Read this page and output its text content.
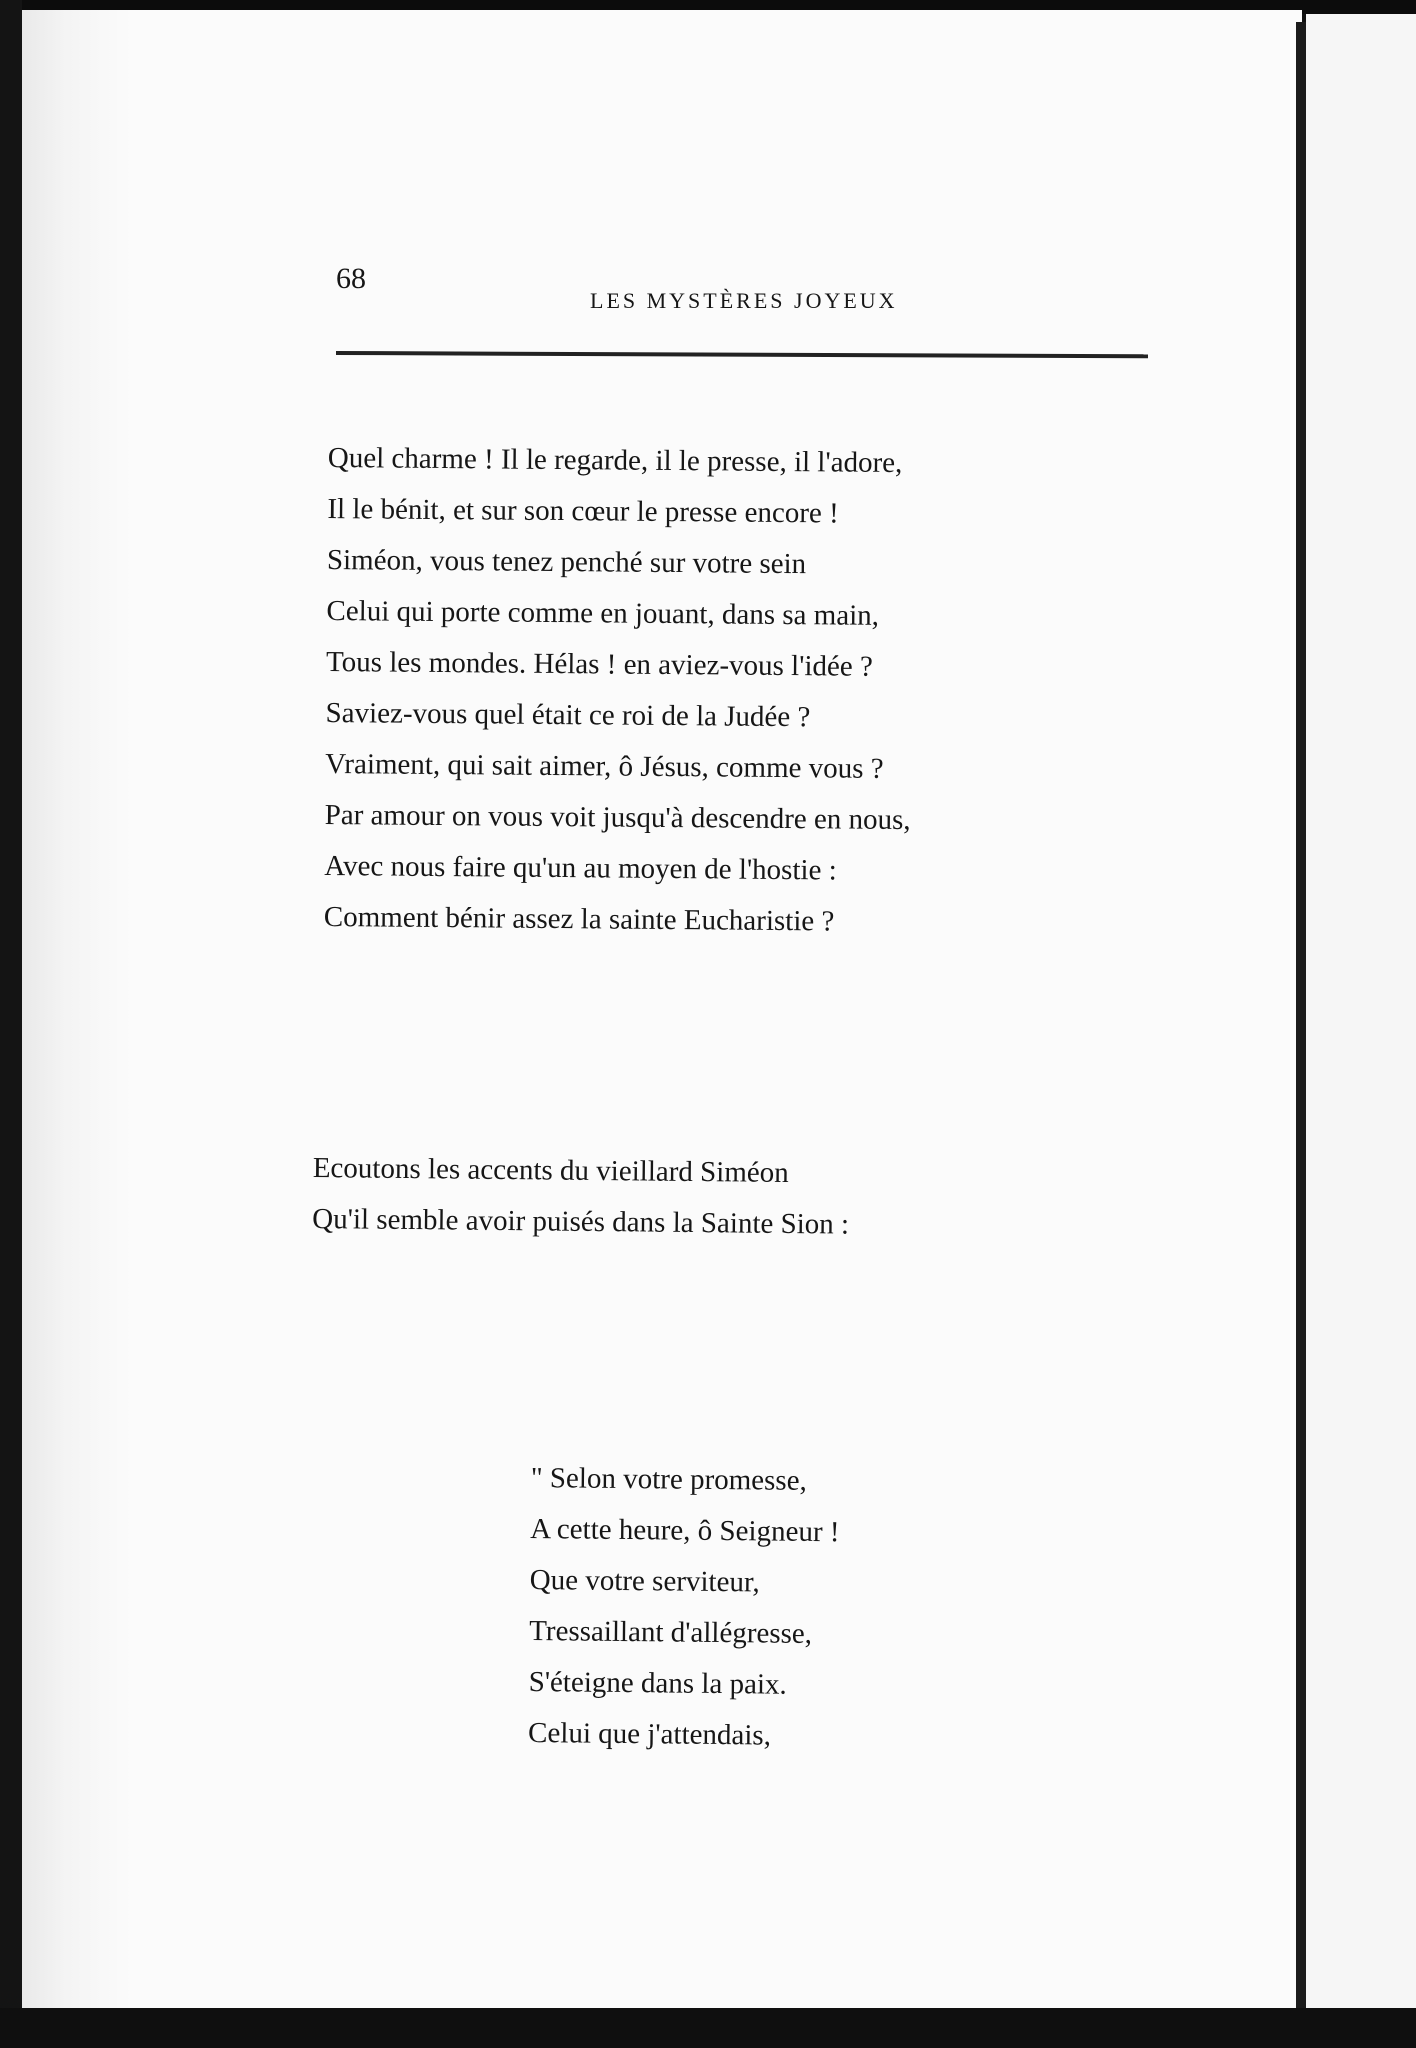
68
LES MYSTÈRES JOYEUX
Quel charme ! Il le regarde, il le presse, il l'adore,
Il le bénit, et sur son cœur le presse encore !
Siméon, vous tenez penché sur votre sein
Celui qui porte comme en jouant, dans sa main,
Tous les mondes. Hélas ! en aviez-vous l'idée ?
Saviez-vous quel était ce roi de la Judée ?
Vraiment, qui sait aimer, ô Jésus, comme vous ?
Par amour on vous voit jusqu'à descendre en nous,
Avec nous faire qu'un au moyen de l'hostie :
Comment bénir assez la sainte Eucharistie ?
Ecoutons les accents du vieillard Siméon
Qu'il semble avoir puisés dans la Sainte Sion :
" Selon votre promesse,
A cette heure, ô Seigneur !
Que votre serviteur,
Tressaillant d'allégresse,
S'éteigne dans la paix.
Celui que j'attendais,
